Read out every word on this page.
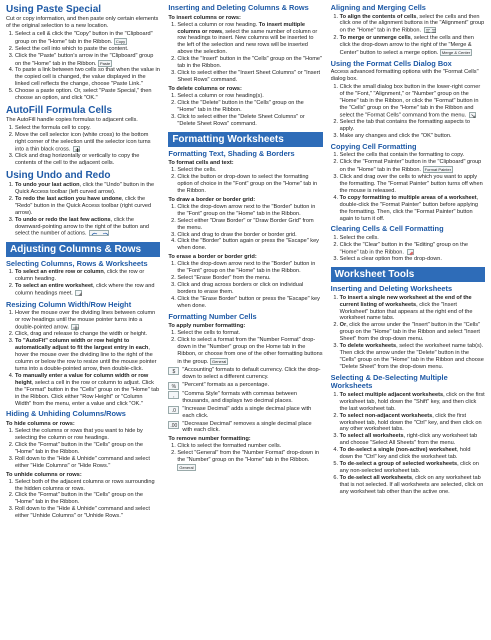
Using Paste Special

Cut or copy information, and then paste only certain elements of the original selection to a new location.

1. Select a cell & click the "Copy" button in the "Clipboard" group on the "Home" tab in the Ribbon. Copy
2. Select the cell into which to paste the content.
3. Click the "Paste" button's arrow in the "Clipboard" group on the "Home" tab in the Ribbon. Paste
4. To paste a link between two cells so that when the value in the copied cell is changed, the value displayed in the linked cell reflects the change, choose "Paste Link."
5. Choose a paste option. Or, select "Paste Special," then choose an option, and click "OK."
AutoFill Formula Cells

The AutoFill handle copies formulas to adjacent cells.

1. Select the formula cell to copy.
2. Move the cell selector icon (white cross) to the bottom right corner of the selection until the selector icon turns into a thin black cross.
3. Click and drag horizontally or vertically to copy the contents of the cell to the adjacent cells.
Using Undo and Redo
1. To undo your last action, click the "Undo" button in the Quick Access toolbar (left curved arrow).
2. To redo the last action you have undone, click the "Redo" button in the Quick Access toolbar (right curved arrow).
3. To undo or redo the last few actions, click the downward-pointing arrow to the right of the button and select the number of actions.
Adjusting Columns & Rows
Selecting Columns, Rows & Worksheets
1. To select an entire row or column, click the row or column heading.
2. To select an entire worksheet, click where the row and column headings meet.
Resizing Column Width/Row Height
1. Hover the mouse over the dividing lines between column or row headings until the mouse pointer turns into a double-pointed arrow.
2. Click, drag and release to change the width or height.
3. To "AutoFit" column width or row height to automatically adjust to fit the largest entry in each, hover the mouse over the dividing line to the right of the column or below the row to resize until the mouse pointer turns into a double-pointed arrow, then double-click.
4. To manually enter a value for column width or row height, select a cell in the row or column to adjust. Click the "Format" button in the "Cells" group on the "Home" tab in the Ribbon. Click either "Row Height" or "Column Width" from the menu, enter a value and click "OK."
Hiding & Unhiding Columns/Rows
To hide columns or rows:
1. Select the columns or rows that you want to hide by selecting the column or row headings.
2. Click the "Format" button in the "Cells" group on the "Home" tab in the Ribbon.
3. Roll down to the "Hide & Unhide" command and select either "Hide Columns" or "Hide Rows."
To unhide columns or rows:
1. Select both of the adjacent columns or rows surrounding the hidden columns or rows.
2. Click the "Format" button in the "Cells" group on the "Home" tab in the Ribbon.
3. Roll down to the "Hide & Unhide" command and select either "Unhide Columns" or "Unhide Rows."
Inserting and Deleting Columns & Rows
To insert columns or rows:
1. Select a column or row heading. To insert multiple columns or rows, select the same number of column or row headings to insert. New columns will be inserted to the left of the selection and new rows will be inserted above the selection.
2. Click the "Insert" button in the "Cells" group on the "Home" tab in the Ribbon.
3. Click to select either the "Insert Sheet Columns" or "Insert Sheet Rows" command.
To delete columns or rows:
1. Select a column or row heading(s).
2. Click the "Delete" button in the "Cells" group on the "Home" tab in the Ribbon.
3. Click to select either the "Delete Sheet Columns" or "Delete Sheet Rows" command.
Formatting Worksheets
Formatting Text, Shading & Borders
To format cells and text:
1. Select the cells.
2. Click the button or drop-down to select the formatting option of choice in the "Font" group on the "Home" tab in the Ribbon.
To draw a border or border grid:
1. Click the drop-down arrow next to the "Border" button in the "Font" group on the "Home" tab in the Ribbon.
2. Select either "Draw Border" or "Draw Border Grid" from the menu.
3. Click and drag to draw the border or border grid.
4. Click the "Border" button again or press the "Escape" key when done.
To erase a border or border grid:
1. Click the drop-down arrow next to the "Border" button in the "Font" group on the "Home" tab in the Ribbon.
2. Select "Erase Border" from the menu.
3. Click and drag across borders or click on individual borders to erase them.
4. Click the "Erase Border" button or press the "Escape" key when done.
Formatting Number Cells
To apply number formatting:
1. Select the cells to format.
2. Click to select a format from the "Number Format" drop-down in the "Number" group on the Home tab in the Ribbon, or choose from one of the other formatting buttons in the group. General
$	"Accounting" formats to default currency. Click the drop-down to select a different currency.
%	"Percent" formats as a percentage.
,	"Comma Style" formats with commas between thousands, and displays two decimal places.
.0	"Increase Decimal" adds a single decimal place with each click.
.00 "Decrease Decimal" removes a single decimal place with each click.
To remove number formatting:
1. Click to select the formatted number cells.
2. Select "General" from the "Number Format" drop-down in the "Number" group on the "Home" tab in the Ribbon. General
Aligning and Merging Cells
1. To align the contents of cells, select the cells and then click one of the alignment buttons in the "Alignment" group on the "Home" tab in the Ribbon.
2. To merge or unmerge cells, select the cells and then click the drop-down arrow to the right of the "Merge & Center" button to select a merge option. Merge & Center
Using the Format Cells Dialog Box

Access advanced formatting options with the "Format Cells" dialog box.

1. Click the small dialog box button in the lower-right corner of the "Font," "Alignment," or "Number" group on the "Home" tab in the Ribbon, or click the "Format" button in the "Cells" group on the "Home" tab in the Ribbon and select the "Format Cells" command from the menu.
2. Select the tab that contains the formatting aspects to apply.
3. Make any changes and click the "OK" button.
Copying Cell Formatting
1. Select the cells that contain the formatting to copy.
2. Click the "Format Painter" button in the "Clipboard" group on the "Home" tab in the Ribbon. Format Painter
3. Click and drag over the cells to which you want to apply the formatting. The "Format Painter" button turns off when the mouse is released.
4. To copy formatting to multiple areas of a worksheet, double-click the "Format Painter" button before applying the formatting. Then, click the "Format Painter" button again to turn it off.
Clearing Cells & Cell Formatting
1. Select the cells.
2. Click the "Clear" button in the "Editing" group on the "Home" tab in the Ribbon.
3. Select a clear option from the drop-down.
Worksheet Tools
Inserting and Deleting Worksheets
1. To insert a single new worksheet at the end of the current listing of worksheets, click the "Insert Worksheet" button that appears at the right end of the worksheet name tabs.
2. Or, click the arrow under the "Insert" button in the "Cells" group on the "Home" tab in the Ribbon and select "Insert Sheet" from the drop-down menu.
3. To delete worksheets, select the worksheet name tab(s). Then click the arrow under the "Delete" button in the "Cells" group on the "Home" tab in the Ribbon and choose "Delete Sheet" from the drop-down menu.
Selecting & De-Selecting Multiple Worksheets
1. To select multiple adjacent worksheets, click on the first worksheet tab, hold down the "Shift" key, and then click the last worksheet tab.
2. To select non-adjacent worksheets, click the first worksheet tab, hold down the "Ctrl" key, and then click on any other worksheet tabs.
3. To select all worksheets, right-click any worksheet tab and choose "Select All Sheets" from the menu.
4. To de-select a single (non-active) worksheet, hold down the "Ctrl" key and click the worksheet tab.
5. To de-select a group of selected worksheets, click on any non-selected worksheet tab.
6. To de-select all worksheets, click on any worksheet tab that is not selected. If all worksheets are selected, click on any worksheet tab other than the active one.
